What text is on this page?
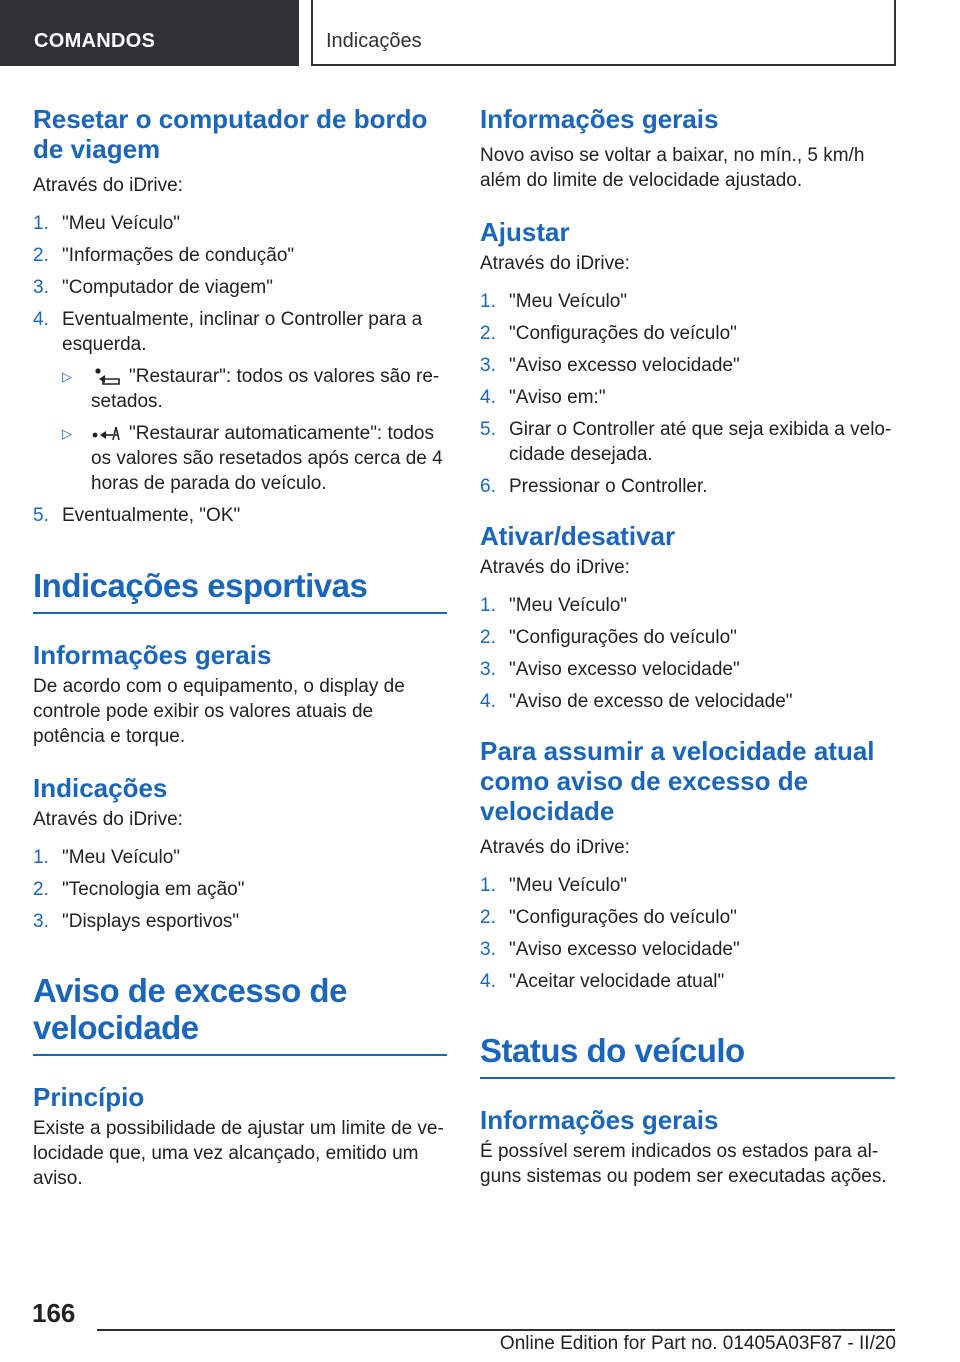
COMANDOS	Indicações
Resetar o computador de bordo de viagem
Através do iDrive:
1. "Meu Veículo"
2. "Informações de condução"
3. "Computador de viagem"
4. Eventualmente, inclinar o Controller para a esquerda.
▷	"Restaurar": todos os valores são re-setados.
▷	"Restaurar automaticamente": todos os valores são resetados após cerca de 4 horas de parada do veículo.
5. Eventualmente, "OK"
Indicações esportivas
Informações gerais
De acordo com o equipamento, o display de controle pode exibir os valores atuais de potência e torque.
Indicações
Através do iDrive:
1. "Meu Veículo"
2. "Tecnologia em ação"
3. "Displays esportivos"
Aviso de excesso de velocidade
Princípio
Existe a possibilidade de ajustar um limite de ve-locidade que, uma vez alcançado, emitido um aviso.
Informações gerais
Novo aviso se voltar a baixar, no mín., 5 km/h além do limite de velocidade ajustado.
Ajustar
Através do iDrive:
1. "Meu Veículo"
2. "Configurações do veículo"
3. "Aviso excesso velocidade"
4. "Aviso em:"
5. Girar o Controller até que seja exibida a velo-cidade desejada.
6. Pressionar o Controller.
Ativar/desativar
Através do iDrive:
1. "Meu Veículo"
2. "Configurações do veículo"
3. "Aviso excesso velocidade"
4. "Aviso de excesso de velocidade"
Para assumir a velocidade atual como aviso de excesso de velocidade
Através do iDrive:
1. "Meu Veículo"
2. "Configurações do veículo"
3. "Aviso excesso velocidade"
4. "Aceitar velocidade atual"
Status do veículo
Informações gerais
É possível serem indicados os estados para al-guns sistemas ou podem ser executadas ações.
166
Online Edition for Part no. 01405A03F87 - II/20
